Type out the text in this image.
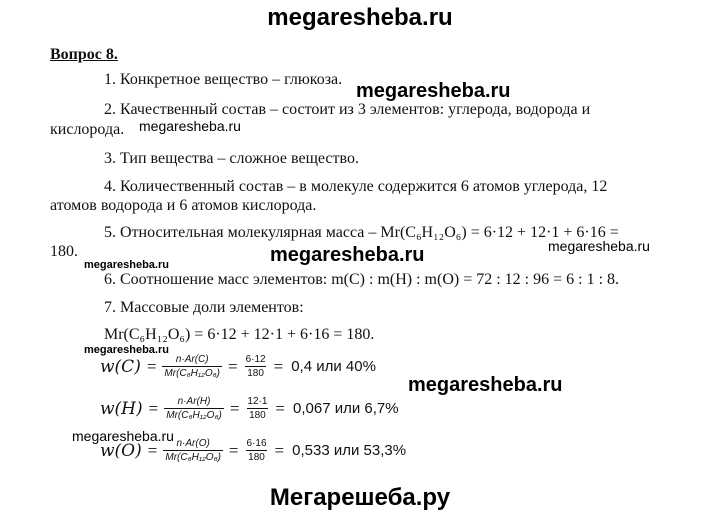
megaresheba.ru
megaresheba.ru
megaresheba.ru
megaresheba.ru	megaresheba.ru
megaresheba.ru
megaresheba.ru
megaresheba.ru
megaresheba.ru
Вопрос 8.
1. Конкретное вещество – глюкоза.
2. Качественный состав – состоит из 3 элементов: углерода, водорода и
кислорода.
3. Тип вещества – сложное вещество.
4. Количественный состав – в молекуле содержится 6 атомов углерода, 12
атомов водорода и 6 атомов кислорода.
5. Относительная молекулярная масса – Mr(C₆H₁₂O₆) = 6·12 + 12·1 + 6·16 =
180.
6. Соотношение масс элементов: m(C) : m(H) : m(O) = 72 : 12 : 96 = 6 : 1 : 8.
7. Массовые доли элементов:
Mr(C₆H₁₂O₆) = 6·12 + 12·1 + 6·16 = 180.
$w(C) = \frac{n\cdot Ar(C)}{\text{Mr(C₆H₁₂O₆)}} = \frac{6\cdot 12}{180} = 0,4$ или 40%
$w(H) = \frac{n\cdot Ar(H)}{\text{Mr(C₆H₁₂O₆)}} = \frac{12\cdot 1}{180} = 0,067$ или 6,7%
$w(O) = \frac{n\cdot Ar(O)}{\text{Mr(C₆H₁₂O₆)}} = \frac{6\cdot 16}{180} = 0,533$ или 53,3%
Мегарешеба.ру
